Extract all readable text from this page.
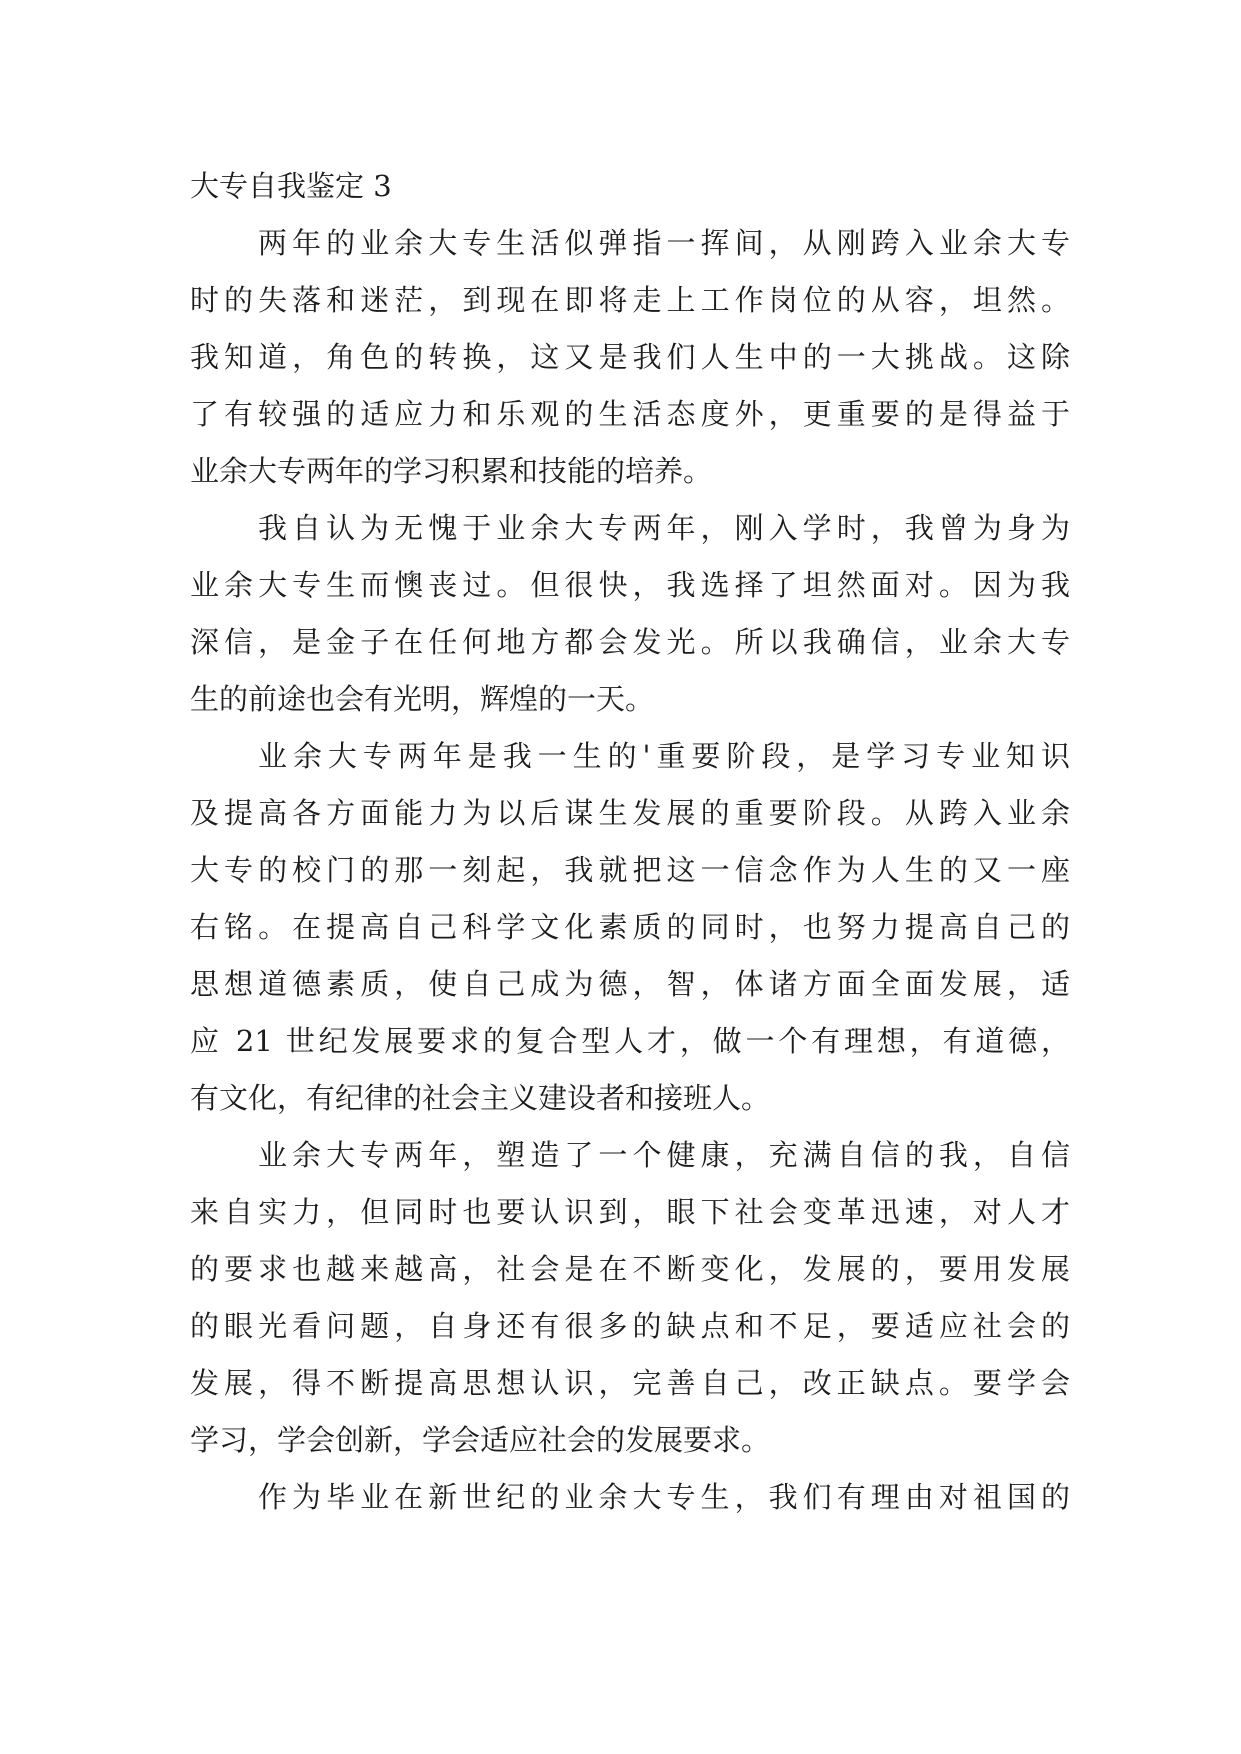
大专自我鉴定 3
两年的业余大专生活似弹指一挥间，从刚跨入业余大专
时的失落和迷茫，到现在即将走上工作岗位的从容，坦然。
我知道，角色的转换，这又是我们人生中的一大挑战。这除
了有较强的适应力和乐观的生活态度外，更重要的是得益于
业余大专两年的学习积累和技能的培养。
我自认为无愧于业余大专两年，刚入学时，我曾为身为
业余大专生而懊丧过。但很快，我选择了坦然面对。因为我
深信，是金子在任何地方都会发光。所以我确信，业余大专
生的前途也会有光明，辉煌的一天。
业余大专两年是我一生的'重要阶段，是学习专业知识
及提高各方面能力为以后谋生发展的重要阶段。从跨入业余
大专的校门的那一刻起，我就把这一信念作为人生的又一座
右铭。在提高自己科学文化素质的同时，也努力提高自己的
思想道德素质，使自己成为德，智，体诸方面全面发展，适
应 21 世纪发展要求的复合型人才，做一个有理想，有道德，
有文化，有纪律的社会主义建设者和接班人。
业余大专两年，塑造了一个健康，充满自信的我，自信
来自实力，但同时也要认识到，眼下社会变革迅速，对人才
的要求也越来越高，社会是在不断变化，发展的，要用发展
的眼光看问题，自身还有很多的缺点和不足，要适应社会的
发展，得不断提高思想认识，完善自己，改正缺点。要学会
学习，学会创新，学会适应社会的发展要求。
作为毕业在新世纪的业余大专生，我们有理由对祖国的
